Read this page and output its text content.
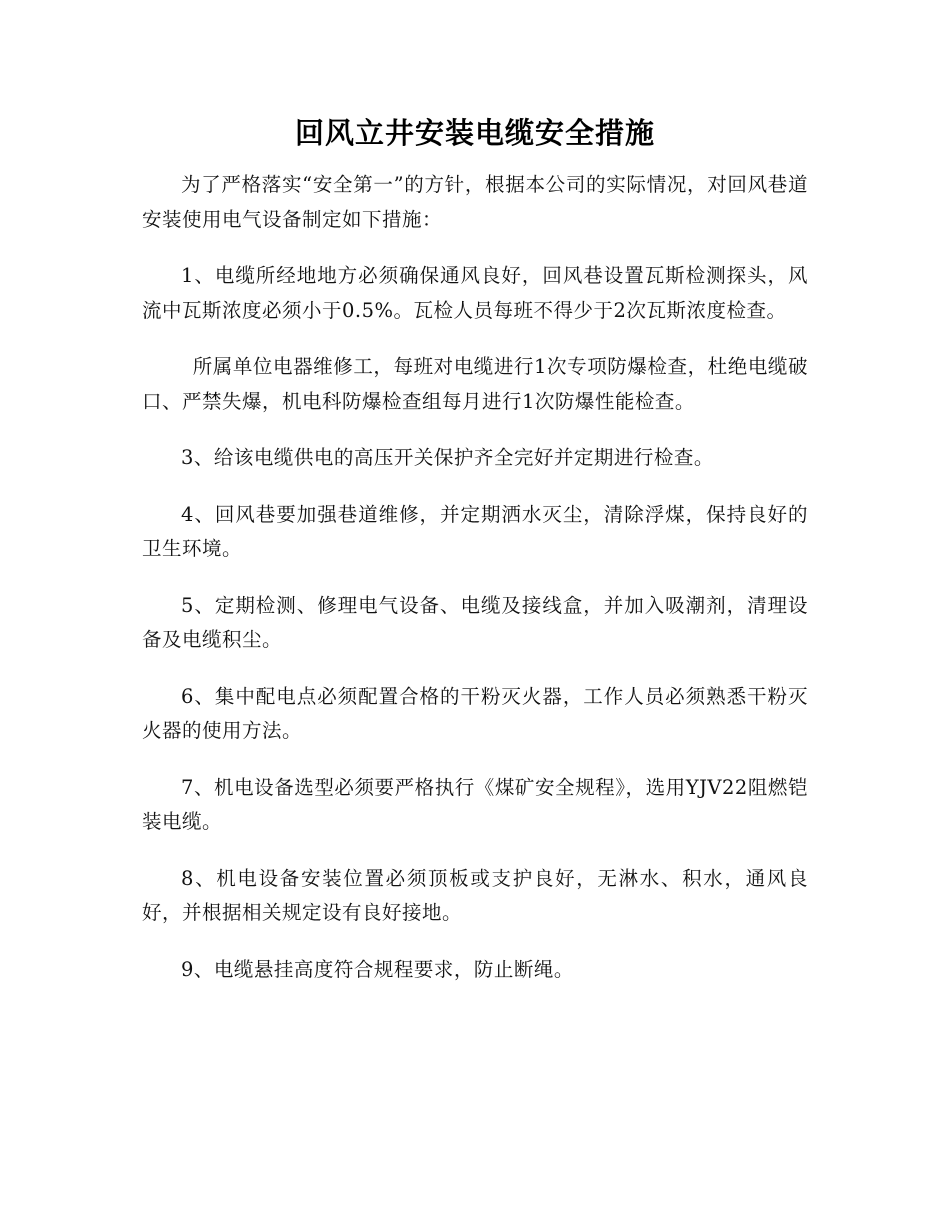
回风立井安装电缆安全措施

为了严格落实“安全第一”的方针，根据本公司的实际情况，对回风巷道安装使用电气设备制定如下措施：

1、电缆所经地地方必须确保通风良好，回风巷设置瓦斯检测探头，风流中瓦斯浓度必须小于0.5%。瓦检人员每班不得少于2次瓦斯浓度检查。

所属单位电器维修工，每班对电缆进行1次专项防爆检查，杜绝电缆破口、严禁失爆，机电科防爆检查组每月进行1次防爆性能检查。

3、给该电缆供电的高压开关保护齐全完好并定期进行检查。

4、回风巷要加强巷道维修，并定期洒水灭尘，清除浮煤，保持良好的卫生环境。

5、定期检测、修理电气设备、电缆及接线盒，并加入吸潮剂，清理设备及电缆积尘。

6、集中配电点必须配置合格的干粉灭火器，工作人员必须熟悉干粉灭火器的使用方法。

7、机电设备选型必须要严格执行《煤矿安全规程》，选用YJV22阻燃铠装电缆。

8、机电设备安装位置必须顶板或支护良好，无淋水、积水，通风良好，并根据相关规定设有良好接地。

9、电缆悬挂高度符合规程要求，防止断绳。
